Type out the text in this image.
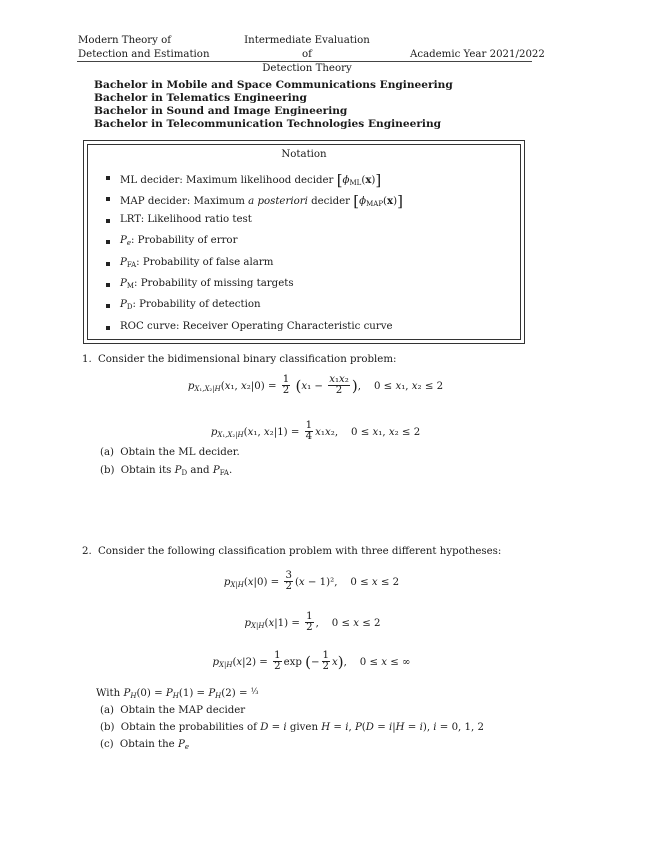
Modern Theory of
Detection and Estimation
Intermediate Evaluation of
Detection Theory
Academic Year 2021/2022
Bachelor in Mobile and Space Communications Engineering
Bachelor in Telematics Engineering
Bachelor in Sound and Image Engineering
Bachelor in Telecommunication Technologies Engineering
Notation
ML decider: Maximum likelihood decider $[\phi_{ML}(x)]$
MAP decider: Maximum a posteriori decider $[\phi_{MAP}(x)]$
LRT: Likelihood ratio test
Pe: Probability of error
$P_{FA}$: Probability of false alarm
$P_M$: Probability of missing targets
$P_D$: Probability of detection
ROC curve: Receiver Operating Characteristic curve
1. Consider the bidimensional binary classification problem:
pX₁,X₂|H(x₁, $x_2|0) = \frac{1}{2} (x_1 - \frac{\text{x₁x₂}}{2}$ ),    0 ≤ x₁, x₂ ≤ 2
pX₁,X₂|H(x₁, $x_2|1) = \frac{1}{4} x_1x_2$,    0 ≤ x₁, x₂ ≤ 2
(a) Obtain the ML decider.
(b) Obtain its $P_D$ and $P_{FA}$.
2. Consider the following classification problem with three different hypotheses:
$pX|H(x|0) = \frac{3}{2} (x - 1)^2$,    0 ≤ x ≤ 2
$pX|H(x|1) = \frac{1}{2}$ ,    0 ≤ x ≤ 2
$pX|H(x|2) = \frac{1}{2}$ exp (− $\frac{1}{2} x$),    0 ≤ x ≤ ∞
With PH(0) = PH(1) = PH(2) = ⅓
(a) Obtain the MAP decider
(b) Obtain the probabilities of D = i given H = i, P(D = i|H = i), i = 0, 1, 2
(c) Obtain the Pe
